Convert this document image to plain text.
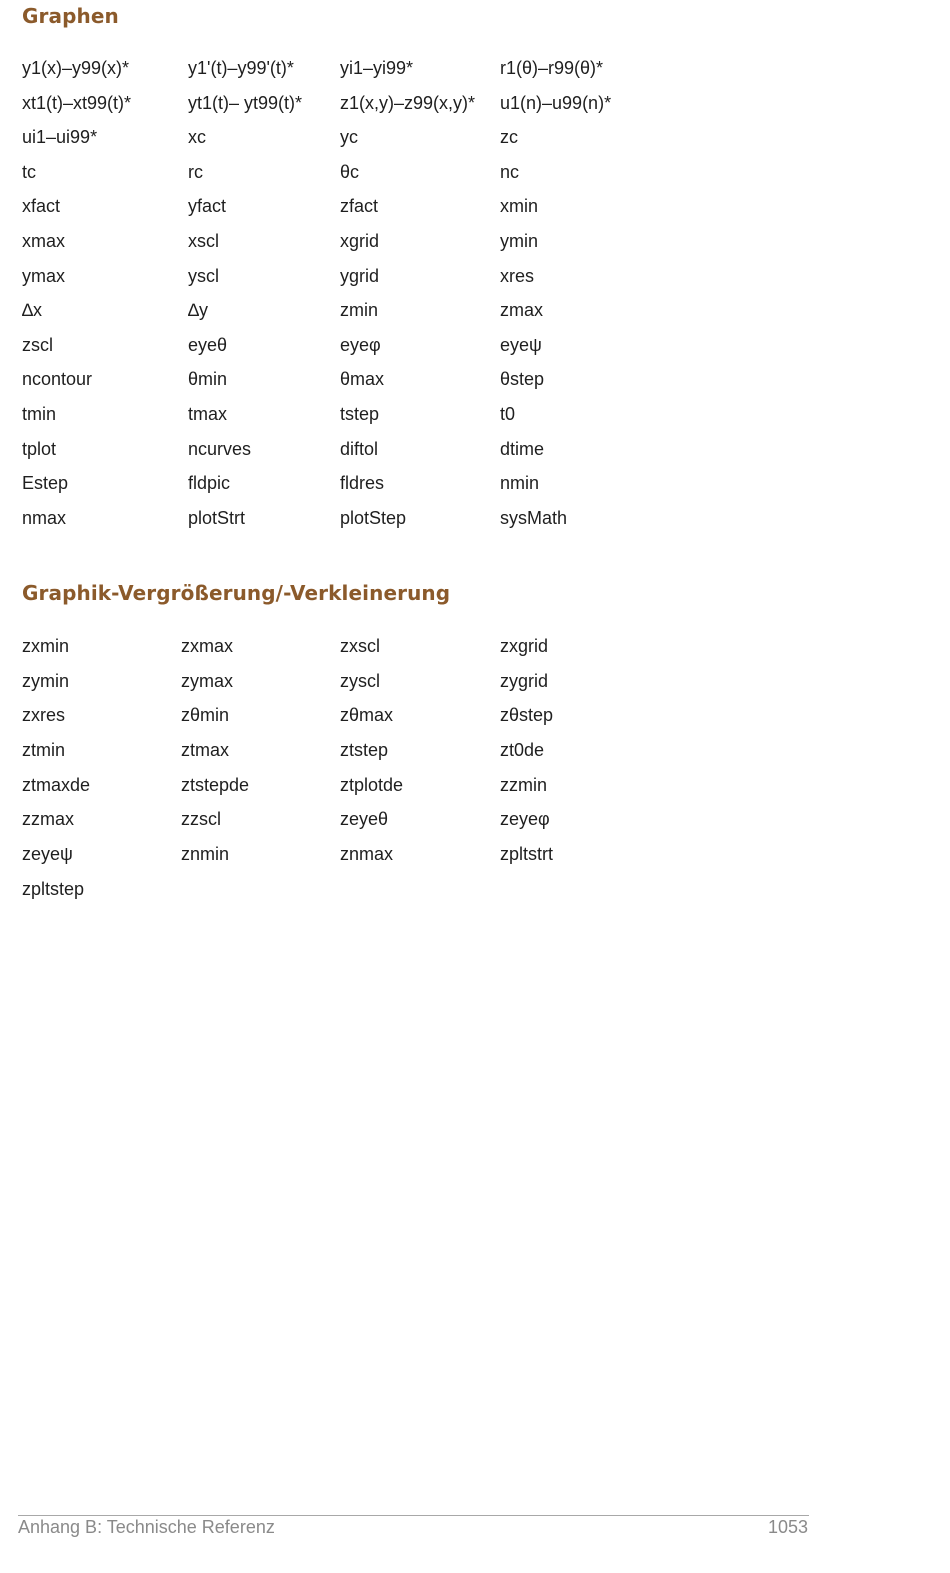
Graphen
y1(x)–y99(x)*	y1'(t)–y99'(t)*	yi1–yi99*	r1(θ)–r99(θ)*
xt1(t)–xt99(t)*	yt1(t)– yt99(t)*	z1(x,y)–z99(x,y)*	u1(n)–u99(n)*
ui1–ui99*	xc	yc	zc
tc	rc	θc	nc
xfact	yfact	zfact	xmin
xmax	xscl	xgrid	ymin
ymax	yscl	ygrid	xres
∆x	∆y	zmin	zmax
zscl	eyeθ	eyeφ	eyeψ
ncontour	θmin	θmax	θstep
tmin	tmax	tstep	t0
tplot	ncurves	diftol	dtime
Estep	fldpic	fldres	nmin
nmax	plotStrt	plotStep	sysMath
Graphik-Vergrößerung/-Verkleinerung
zxmin	zxmax	zxscl	zxgrid
zymin	zymax	zyscl	zygrid
zxres	zθmin	zθmax	zθstep
ztmin	ztmax	ztstep	zt0de
ztmaxde	ztstepde	ztplotde	zzmin
zzmax	zzscl	zeyeθ	zeyeφ
zeyeψ	znmin	znmax	zpltstrt
zpltstep
Anhang B: Technische Referenz	1053
